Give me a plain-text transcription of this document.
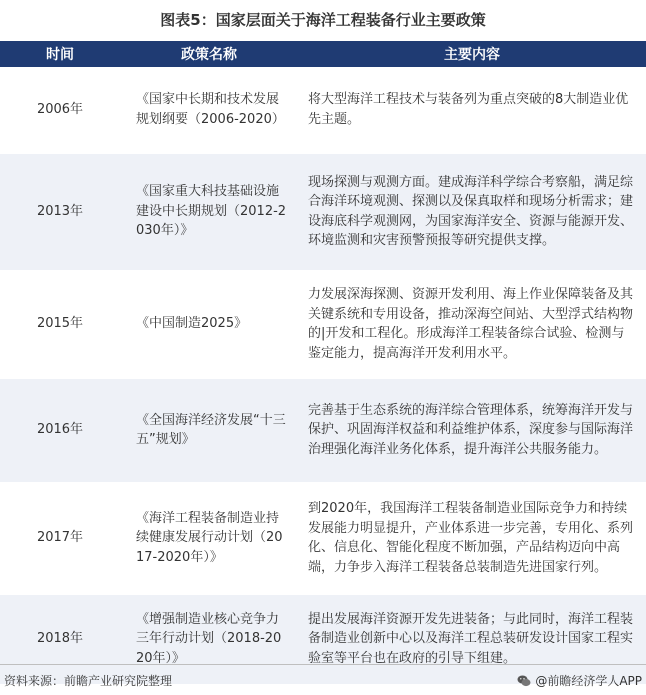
图表5：国家层面关于海洋工程装备行业主要政策
时间	政策名称	主要内容
2006年	《国家中长期和技术发展规划纲要（2006-2020）	将大型海洋工程技术与装备列为重点突破的8大制造业优先主题。
2013年	《国家重大科技基础设施建设中长期规划（2012-2030年）》	现场探测与观测方面。建成海洋科学综合考察船，满足综合海洋环境观测、探测以及保真取样和现场分析需求；建设海底科学观测网，为国家海洋安全、资源与能源开发、环境监测和灾害预警预报等研究提供支撑。
2015年	《中国制造2025》	力发展深海探测、资源开发利用、海上作业保障装备及其关键系统和专用设备，推动深海空间站、大型浮式结构物的|开发和工程化。形成海洋工程装备综合试验、检测与鉴定能力，提高海洋开发利用水平。
2016年	《全国海洋经济发展“十三五”规划》	完善基于生态系统的海洋综合管理体系，统筹海洋开发与保护、巩固海洋权益和利益维护体系，深度参与国际海洋治理强化海洋业务化体系，提升海洋公共服务能力。
2017年	《海洋工程装备制造业持续健康发展行动计划（2017-2020年）》	到2020年，我国海洋工程装备制造业国际竞争力和持续发展能力明显提升，产业体系进一步完善，专用化、系列化、信息化、智能化程度不断加强，产品结构迈向中高端，力争步入海洋工程装备总装制造先进国家行列。
2018年	《增强制造业核心竞争力三年行动计划（2018-2020年）》	提出发展海洋资源开发先进装备；与此同时，海洋工程装备制造业创新中心以及海洋工程总装研发设计国家工程实验室等平台也在政府的引导下组建。
资料来源：前瞻产业研究院整理	@前瞻经济学人APP
